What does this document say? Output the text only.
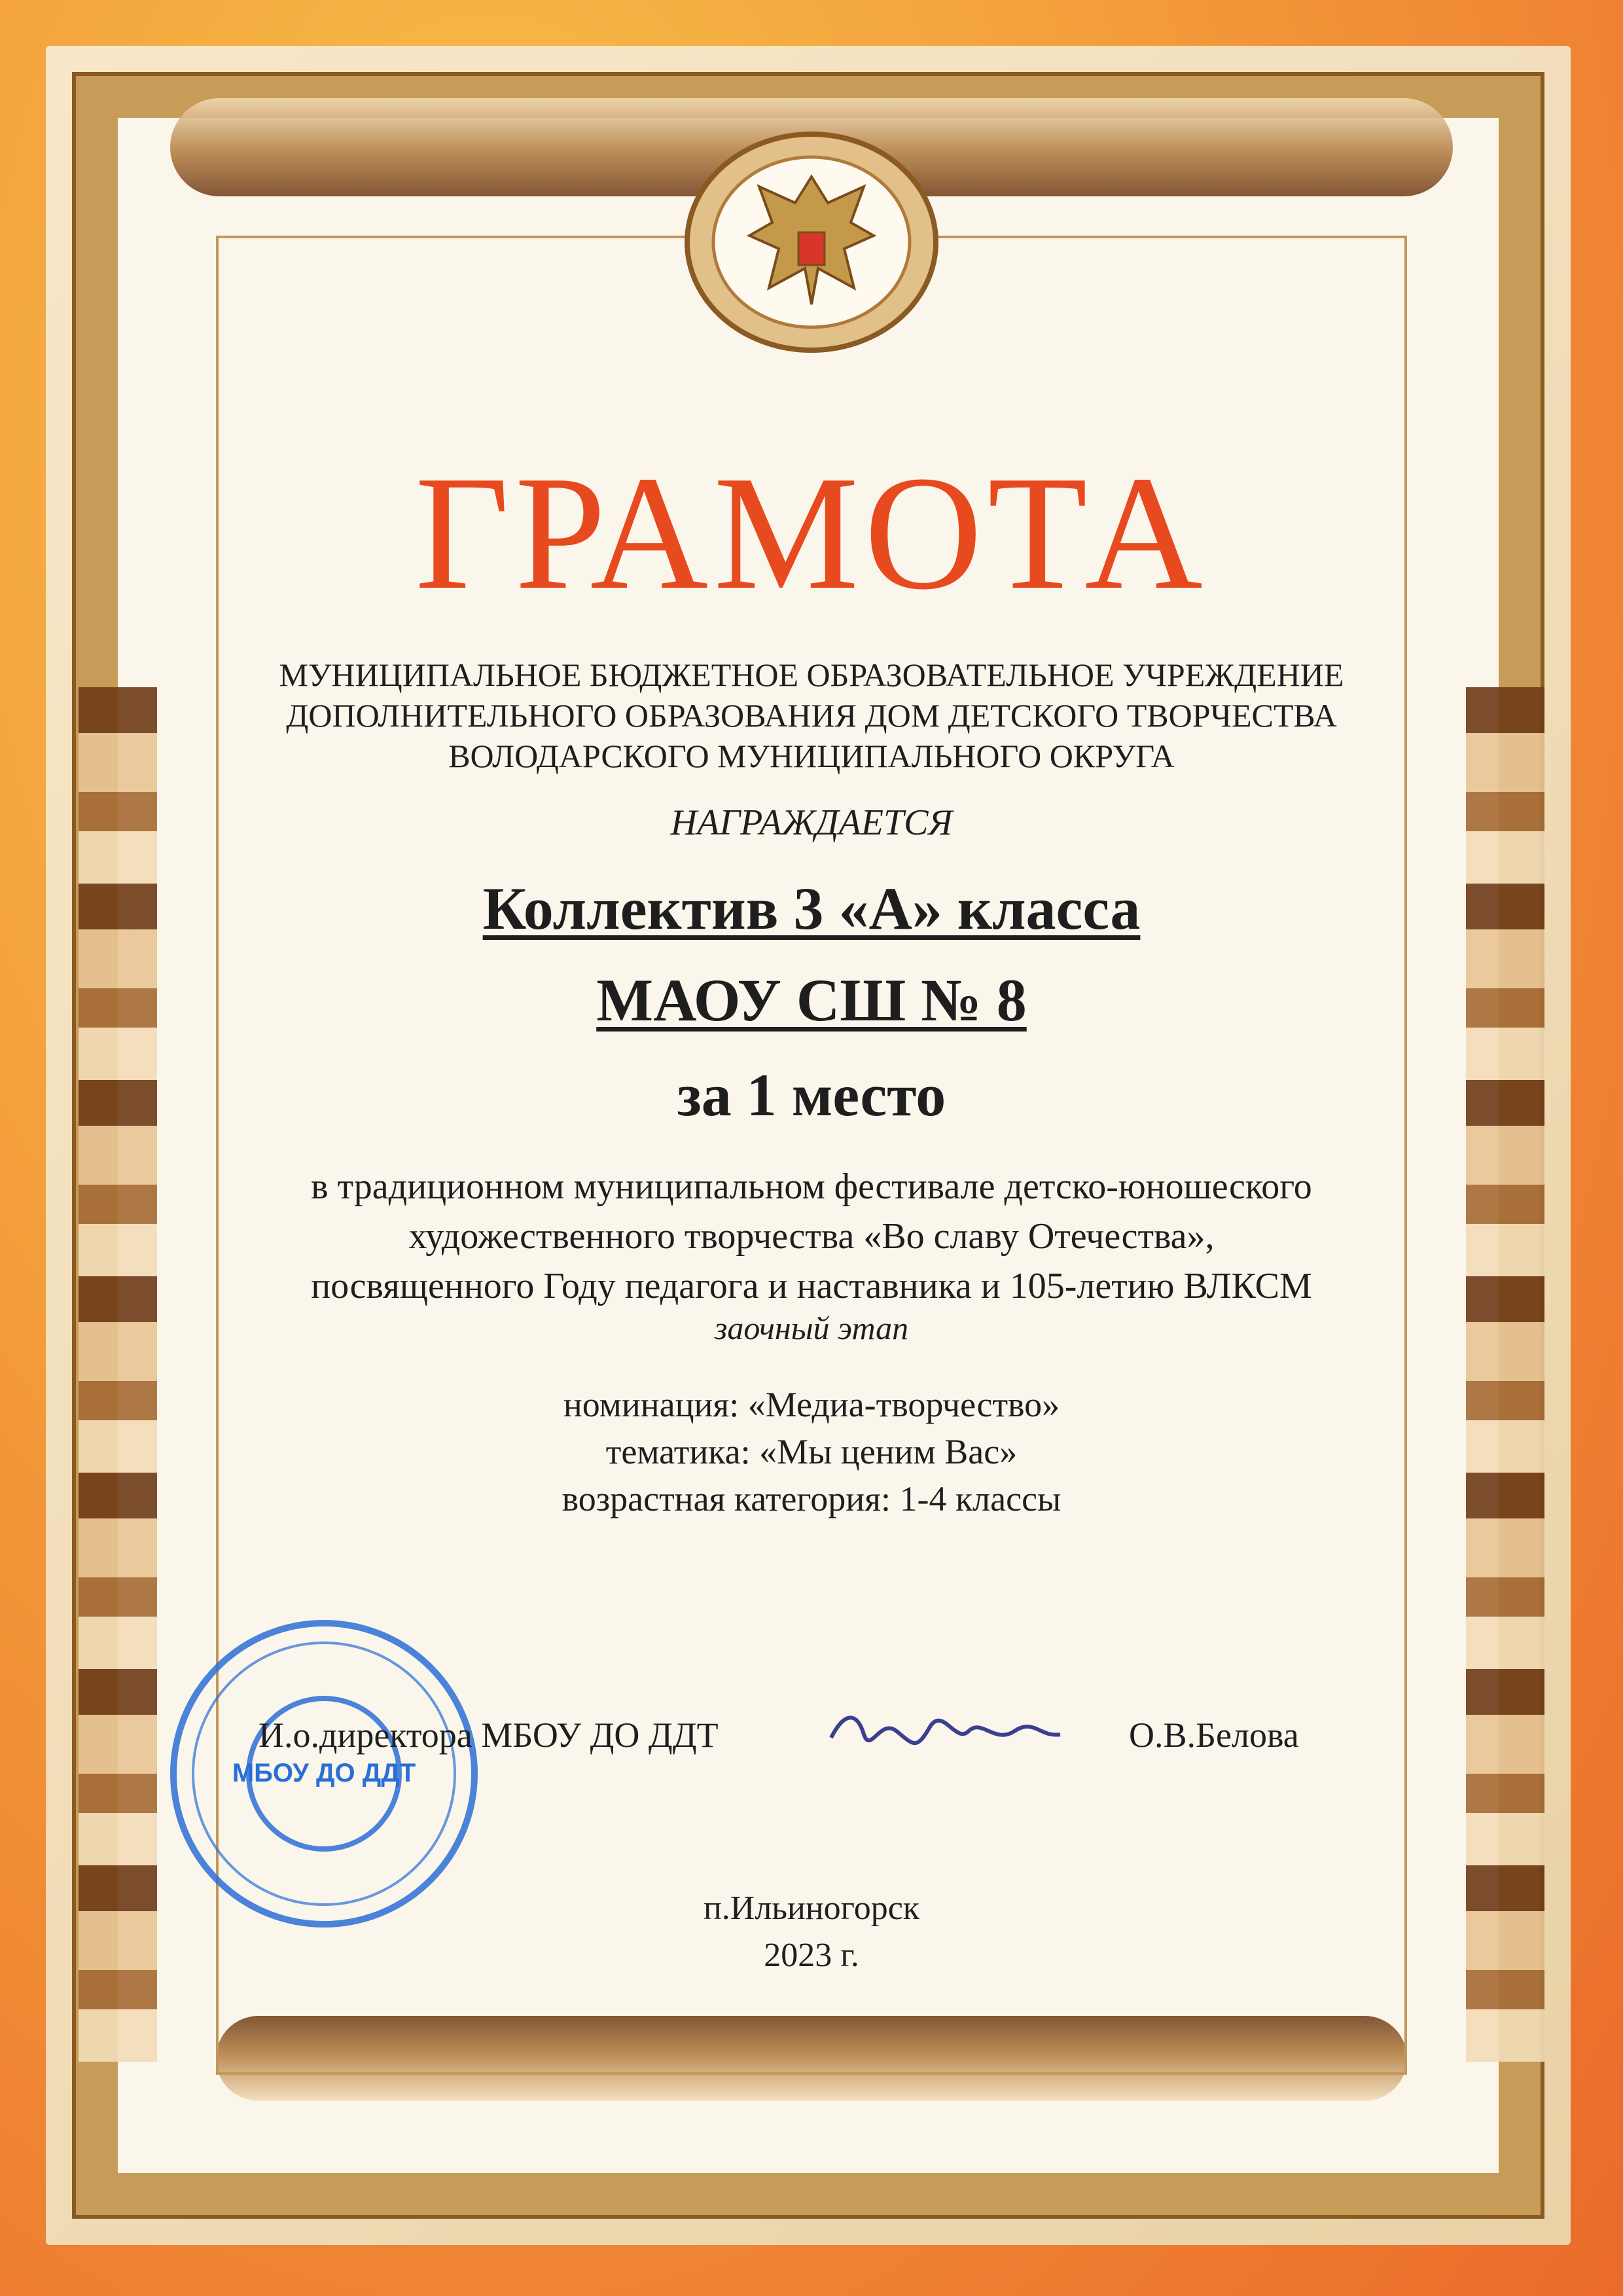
ГРАМОТА
МУНИЦИПАЛЬНОЕ БЮДЖЕТНОЕ ОБРАЗОВАТЕЛЬНОЕ УЧРЕЖДЕНИЕ
ДОПОЛНИТЕЛЬНОГО ОБРАЗОВАНИЯ ДОМ ДЕТСКОГО ТВОРЧЕСТВА
ВОЛОДАРСКОГО МУНИЦИПАЛЬНОГО ОКРУГА
НАГРАЖДАЕТСЯ
Коллектив 3 «А» класса
МАОУ СШ № 8
за 1 место
в традиционном муниципальном фестивале детско-юношеского
художественного творчества «Во славу Отечества»,
посвященного Году педагога и наставника и 105-летию ВЛКСМ
заочный этап
номинация: «Медиа-творчество»
тематика: «Мы ценим Вас»
возрастная категория: 1-4 классы
МБОУ ДО ДДТ
И.о.директора МБОУ ДО ДДТ	О.В.Белова
п.Ильиногорск
2023 г.
